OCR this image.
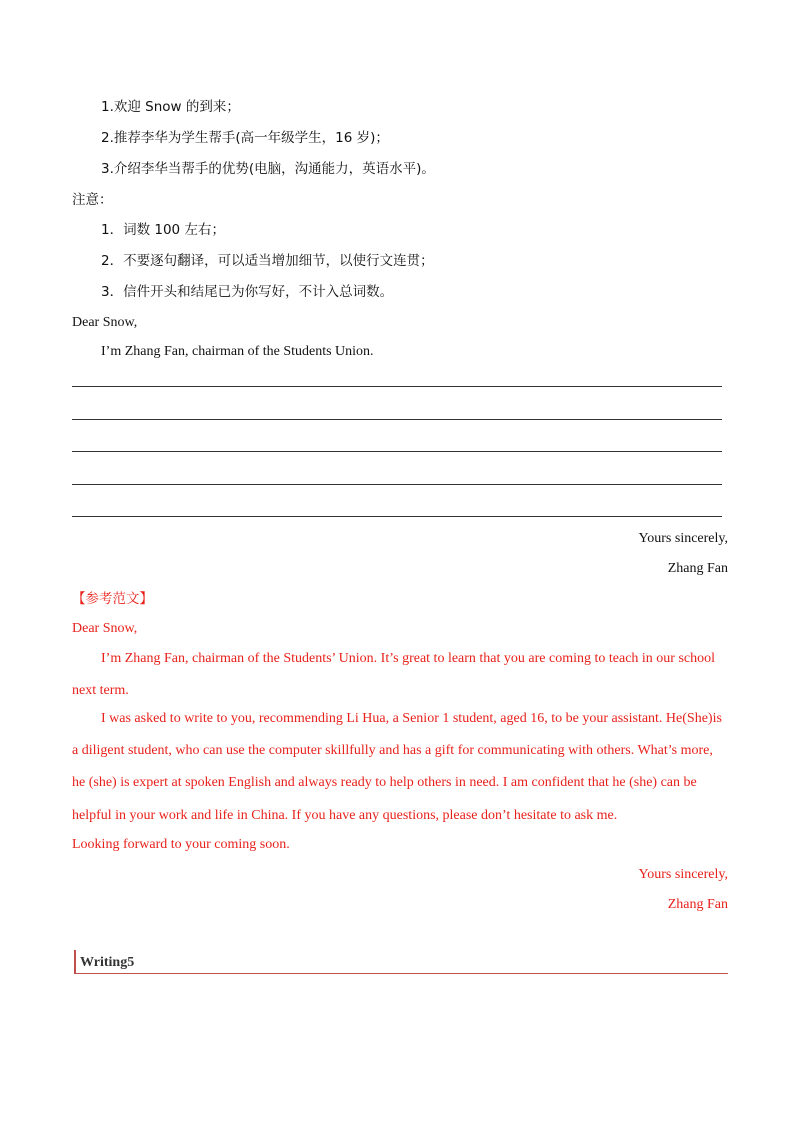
1.欢迎 Snow 的到来；
2.推荐李华为学生帮手(高一年级学生，16 岁)；
3.介绍李华当帮手的优势(电脑，沟通能力，英语水平)。
注意：
1．词数 100 左右；
2．不要逐句翻译，可以适当增加细节，以使行文连贯；
3．信件开头和结尾已为你写好，不计入总词数。
Dear Snow,
I’m Zhang Fan, chairman of the Students Union.
Yours sincerely,
Zhang Fan
【参考范文】
Dear Snow,
I’m Zhang Fan, chairman of the Students’ Union. It’s great to learn that you are coming to teach in our school
next term.
I was asked to write to you, recommending Li Hua, a Senior 1 student, aged 16, to be your assistant. He(She)is
a diligent student, who can use the computer skillfully and has a gift for communicating with others. What’s more,
he (she) is expert at spoken English and always ready to help others in need. I am confident that he (she) can be
helpful in your work and life in China. If you have any questions, please don’t hesitate to ask me.
Looking forward to your coming soon.
Yours sincerely,
Zhang Fan
Writing5
